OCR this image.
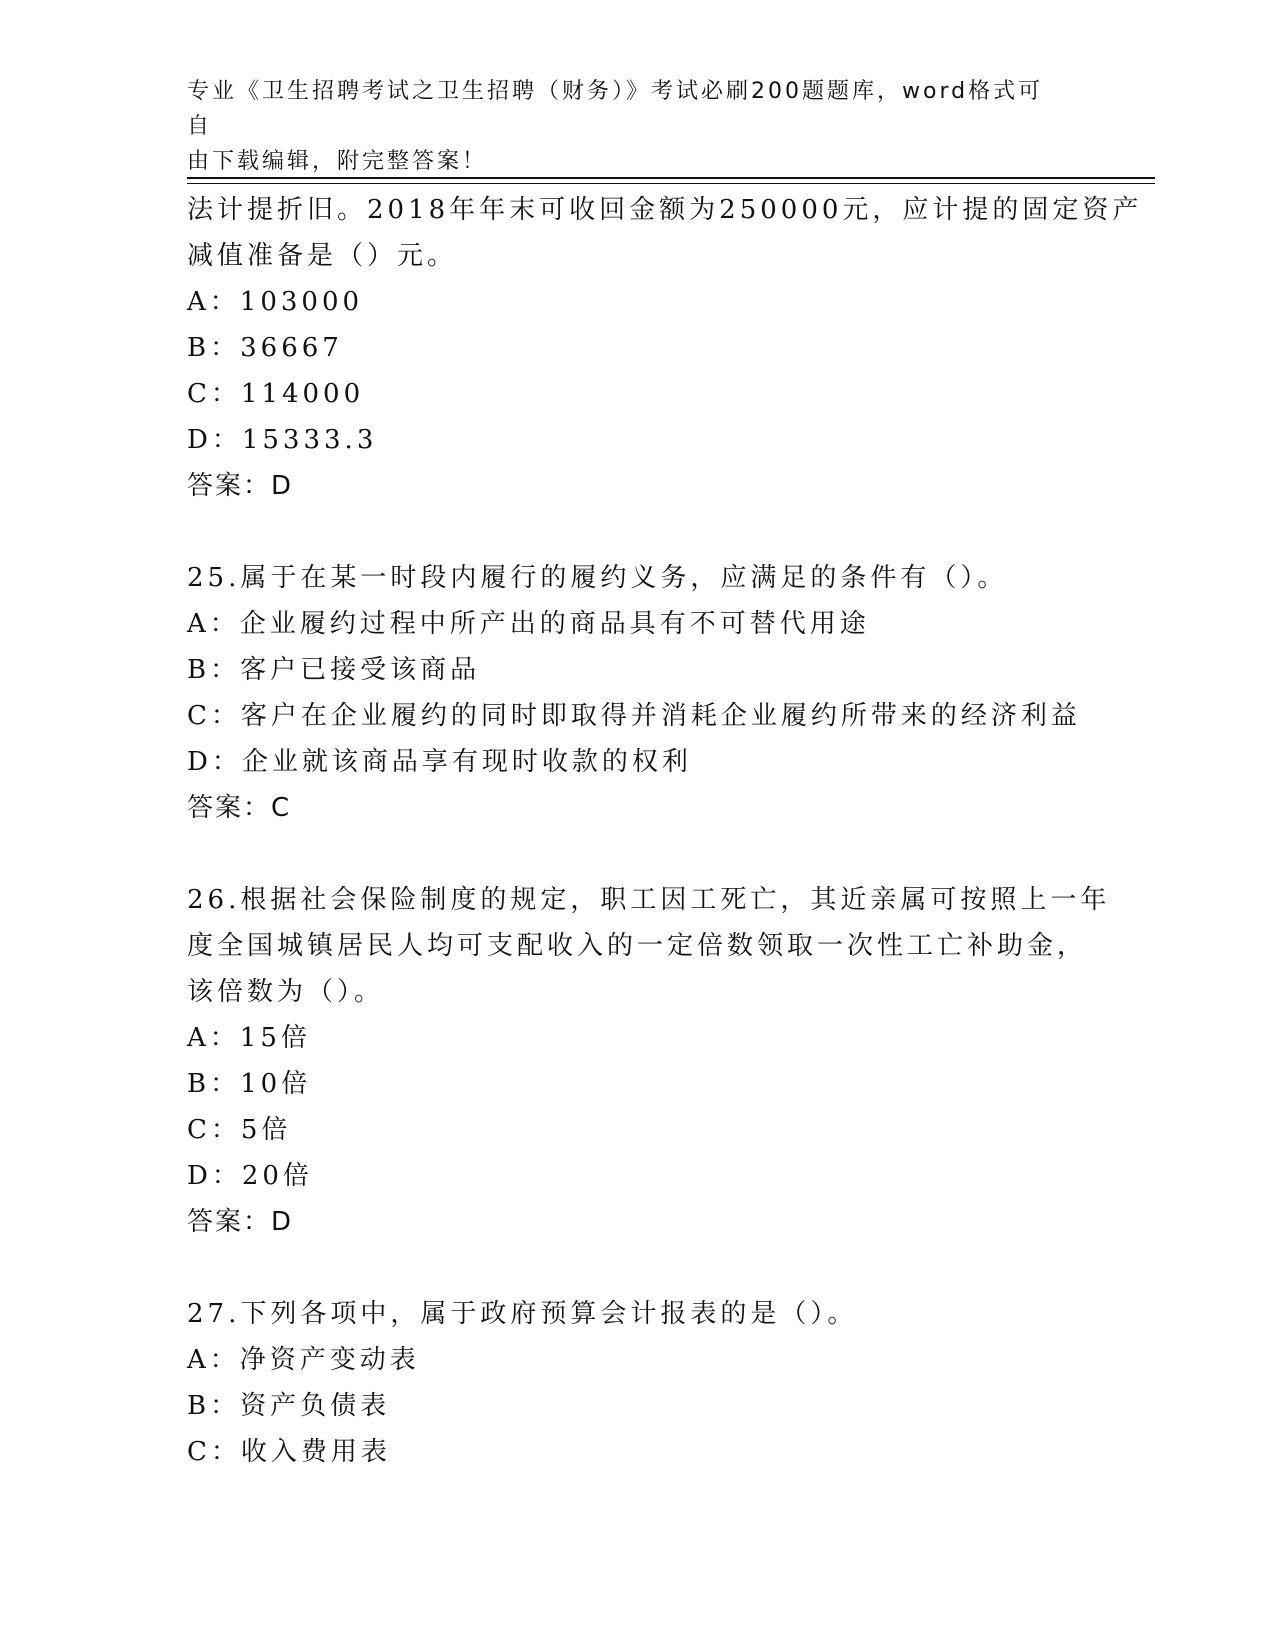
专业《卫生招聘考试之卫生招聘（财务）》考试必刷200题题库，word格式可自
由下载编辑，附完整答案！
法计提折旧。2018年年末可收回金额为250000元，应计提的固定资产
减值准备是（）元。
A：103000
B：36667
C：114000
D：15333.3
答案：D
25.属于在某一时段内履行的履约义务，应满足的条件有（）。
A：企业履约过程中所产出的商品具有不可替代用途
B：客户已接受该商品
C：客户在企业履约的同时即取得并消耗企业履约所带来的经济利益
D：企业就该商品享有现时收款的权利
答案：C
26.根据社会保险制度的规定，职工因工死亡，其近亲属可按照上一年
度全国城镇居民人均可支配收入的一定倍数领取一次性工亡补助金，
该倍数为（）。
A：15倍
B：10倍
C：5倍
D：20倍
答案：D
27.下列各项中，属于政府预算会计报表的是（）。
A：净资产变动表
B：资产负债表
C：收入费用表
